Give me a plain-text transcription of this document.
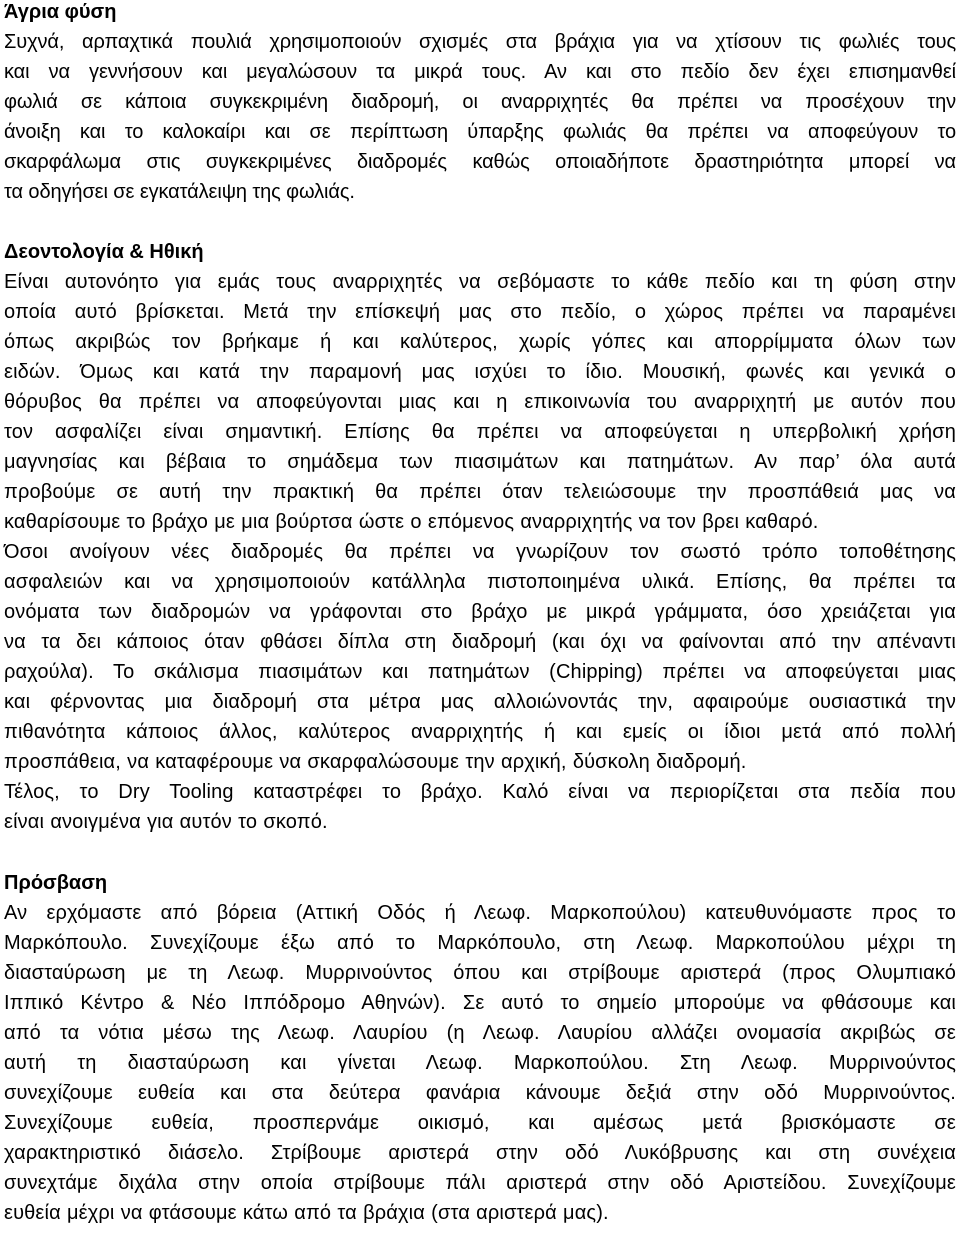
Άγρια φύση
Συχνά, αρπαχτικά πουλιά χρησιμοποιούν σχισμές στα βράχια για να χτίσουν τις φωλιές τους
και να γεννήσουν και μεγαλώσουν τα μικρά τους. Αν και στο πεδίο δεν έχει επισημανθεί
φωλιά σε κάποια συγκεκριμένη διαδρομή, οι αναρριχητές θα πρέπει να προσέχουν την
άνοιξη και το καλοκαίρι και σε περίπτωση ύπαρξης φωλιάς θα πρέπει να αποφεύγουν το
σκαρφάλωμα στις συγκεκριμένες διαδρομές καθώς οποιαδήποτε δραστηριότητα μπορεί να
τα οδηγήσει σε εγκατάλειψη της φωλιάς.
Δεοντολογία & Ηθική
Είναι αυτονόητο για εμάς τους αναρριχητές να σεβόμαστε το κάθε πεδίο και τη φύση στην
οποία αυτό βρίσκεται. Μετά την επίσκεψή μας στο πεδίο, ο χώρος πρέπει να παραμένει
όπως ακριβώς τον βρήκαμε ή και καλύτερος, χωρίς γόπες και απορρίμματα όλων των
ειδών. Όμως και κατά την παραμονή μας ισχύει το ίδιο. Μουσική, φωνές και γενικά ο
θόρυβος θα πρέπει να αποφεύγονται μιας και η επικοινωνία του αναρριχητή με αυτόν που
τον ασφαλίζει είναι σημαντική. Επίσης θα πρέπει να αποφεύγεται η υπερβολική χρήση
μαγνησίας και βέβαια το σημάδεμα των πιασιμάτων και πατημάτων. Αν παρ’ όλα αυτά
προβούμε σε αυτή την πρακτική θα πρέπει όταν τελειώσουμε την προσπάθειά μας να
καθαρίσουμε το βράχο με μια βούρτσα ώστε ο επόμενος αναρριχητής να τον βρει καθαρό.
Όσοι ανοίγουν νέες διαδρομές θα πρέπει να γνωρίζουν τον σωστό τρόπο τοποθέτησης
ασφαλειών και να χρησιμοποιούν κατάλληλα πιστοποιημένα υλικά. Επίσης, θα πρέπει τα
ονόματα των διαδρομών να γράφονται στο βράχο με μικρά γράμματα, όσο χρειάζεται για
να τα δει κάποιος όταν φθάσει δίπλα στη διαδρομή (και όχι να φαίνονται από την απέναντι
ραχούλα). Το σκάλισμα πιασιμάτων και πατημάτων (Chipping) πρέπει να αποφεύγεται μιας
και φέρνοντας μια διαδρομή στα μέτρα μας αλλοιώνοντάς την, αφαιρούμε ουσιαστικά την
πιθανότητα κάποιος άλλος, καλύτερος αναρριχητής ή και εμείς οι ίδιοι μετά από πολλή
προσπάθεια, να καταφέρουμε να σκαρφαλώσουμε την αρχική, δύσκολη διαδρομή.
Τέλος, το Dry Tooling καταστρέφει το βράχο. Καλό είναι να περιορίζεται στα πεδία που
είναι ανοιγμένα για αυτόν το σκοπό.
Πρόσβαση
Αν ερχόμαστε από βόρεια (Αττική Οδός ή Λεωφ. Μαρκοπούλου) κατευθυνόμαστε προς το
Μαρκόπουλο. Συνεχίζουμε έξω από το Μαρκόπουλο, στη Λεωφ. Μαρκοπούλου μέχρι τη
διασταύρωση με τη Λεωφ. Μυρρινούντος όπου και στρίβουμε αριστερά (προς Ολυμπιακό
Ιππικό Κέντρο & Νέο Ιππόδρομο Αθηνών). Σε αυτό το σημείο μπορούμε να φθάσουμε και
από τα νότια μέσω της Λεωφ. Λαυρίου (η Λεωφ. Λαυρίου αλλάζει ονομασία ακριβώς σε
αυτή τη διασταύρωση και γίνεται Λεωφ. Μαρκοπούλου. Στη Λεωφ. Μυρρινούντος
συνεχίζουμε ευθεία και στα δεύτερα φανάρια κάνουμε δεξιά στην οδό Μυρρινούντος.
Συνεχίζουμε ευθεία, προσπερνάμε οικισμό, και αμέσως μετά βρισκόμαστε σε
χαρακτηριστικό διάσελο. Στρίβουμε αριστερά στην οδό Λυκόβρυσης και στη συνέχεια
συνεχτάμε διχάλα στην οποία στρίβουμε πάλι αριστερά στην οδό Αριστείδου. Συνεχίζουμε
ευθεία μέχρι να φτάσουμε κάτω από τα βράχια (στα αριστερά μας).
